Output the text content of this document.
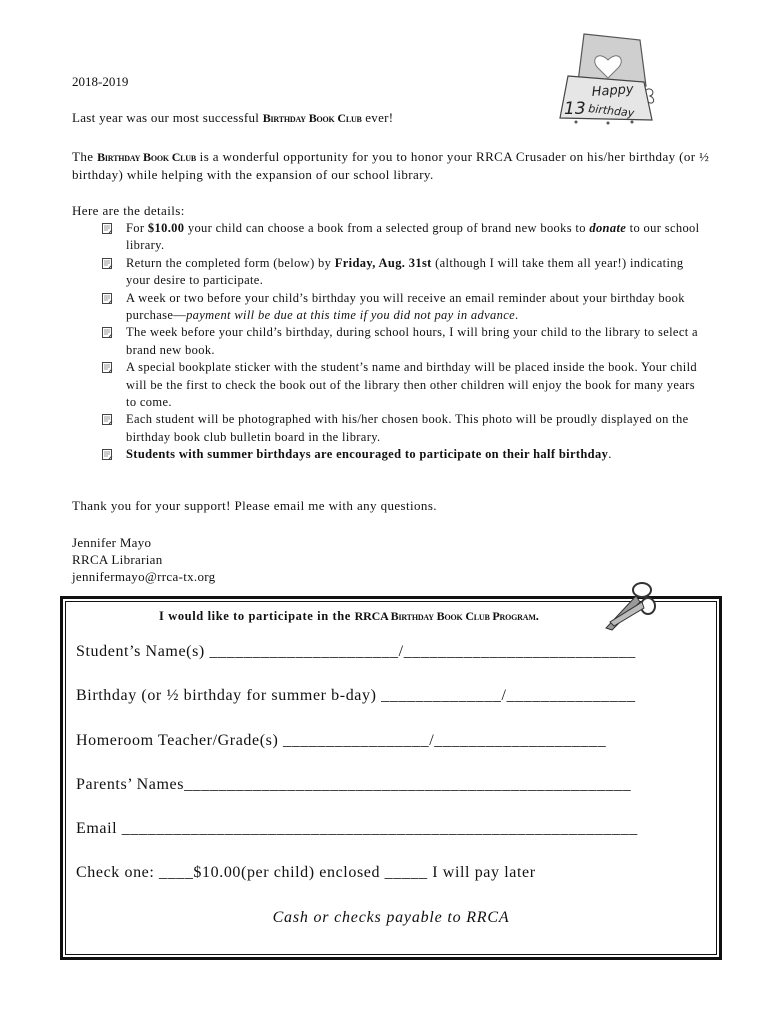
2018-2019
Last year was our most successful Birthday Book Club ever!
The Birthday Book Club is a wonderful opportunity for you to honor your RRCA Crusader on his/her birthday (or ½ birthday) while helping with the expansion of our school library.
Here are the details:
For $10.00 your child can choose a book from a selected group of brand new books to donate to our school library.
Return the completed form (below) by Friday, Aug. 31st (although I will take them all year!) indicating your desire to participate.
A week or two before your child’s birthday you will receive an email reminder about your birthday book purchase—payment will be due at this time if you did not pay in advance.
The week before your child’s birthday, during school hours, I will bring your child to the library to select a brand new book.
A special bookplate sticker with the student’s name and birthday will be placed inside the book. Your child will be the first to check the book out of the library then other children will enjoy the book for many years to come.
Each student will be photographed with his/her chosen book. This photo will be proudly displayed on the birthday book club bulletin board in the library.
Students with summer birthdays are encouraged to participate on their half birthday.
Thank you for your support! Please email me with any questions.
Jennifer Mayo
RRCA Librarian
jennifermayo@rrca-tx.org
Happy
13 birthday
I would like to participate in the RRCA Birthday Book Club Program.
Student’s Name(s) ______________________/___________________________
Birthday (or ½ birthday for summer b-day) ______________/_______________
Homeroom Teacher/Grade(s) _________________/____________________
Parents’ Names____________________________________________________
Email ____________________________________________________________
Check one: ____$10.00(per child) enclosed _____ I will pay later
Cash or checks payable to RRCA
